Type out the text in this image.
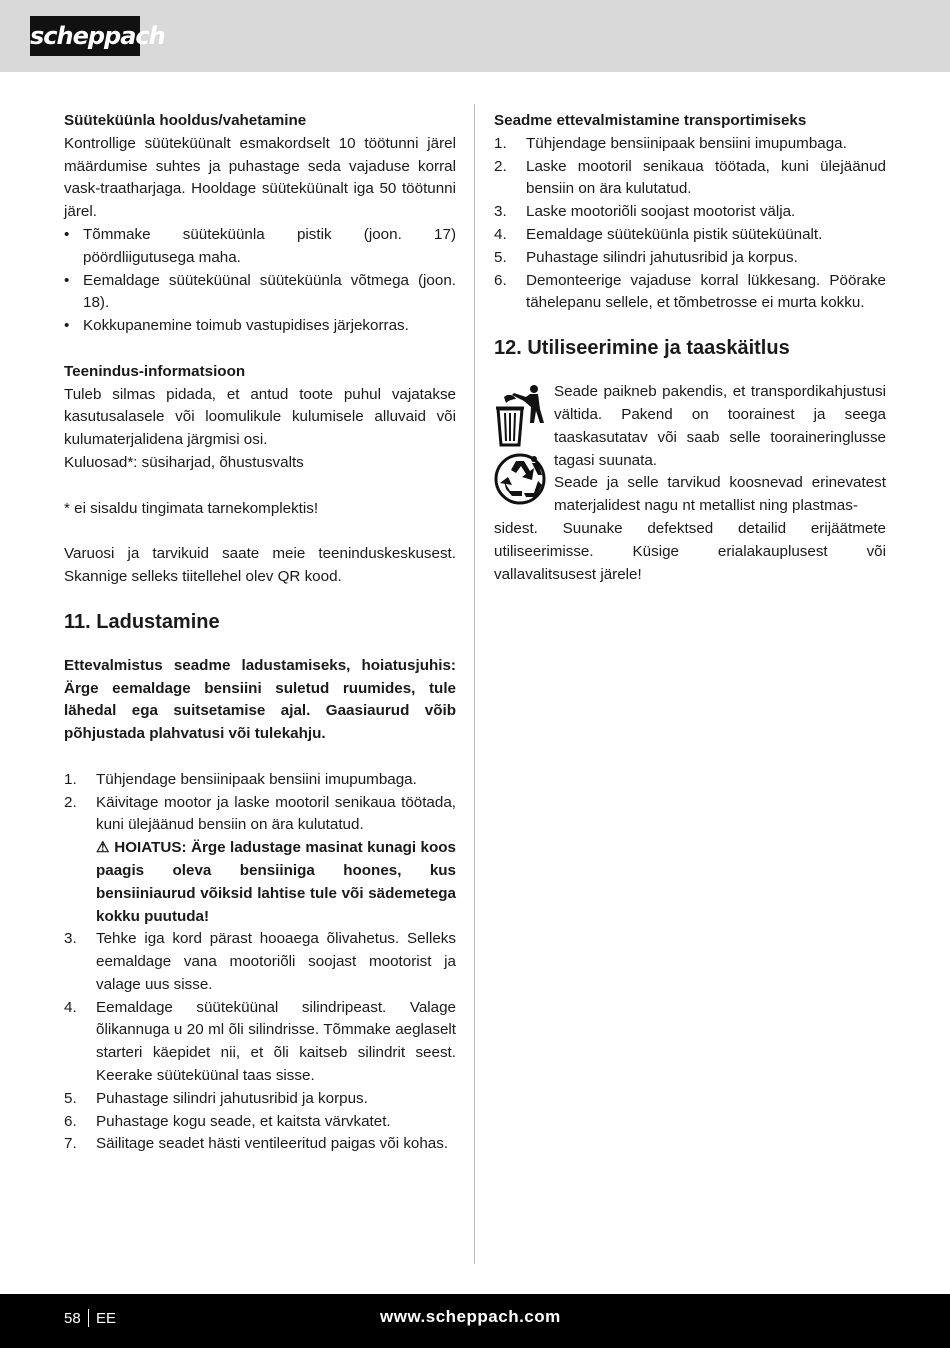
scheppach

Süüteküünla hooldus/vahetamine

Kontrollige süüteküünalt esmakordselt 10 töötunni järel määrdumise suhtes ja puhastage seda vajaduse korral vask-traatharjaga. Hooldage süüteküünalt iga 50 töötunni järel.

• Tõmmake süüteküünla pistik (joon. 17) pöördliigutusega maha.
• Eemaldage süüteküünal süüteküünla võtmega (joon. 18).
• Kokkupanemine toimub vastupidises järjekorras.

Teenindus-informatsioon

Tuleb silmas pidada, et antud toote puhul vajatakse kasutusalasele või loomulikule kulumisele alluvaid või kulumaterjalidena järgmisi osi.

Kuluosad*: süsiharjad, õhustusvalts

* ei sisaldu tingimata tarnekomplektis!

Varuosi ja tarvikuid saate meie teeninduskeskusest. Skannige selleks tiitellehel olev QR kood.

11. Ladustamine

Ettevalmistus seadme ladustamiseks, hoiatusjuhis: Ärge eemaldage bensiini suletud ruumides, tule lähedal ega suitsetamise ajal. Gaasiaurud võib põhjustada plahvatusi või tulekahju.

1. Tühjendage bensiinipaak bensiini imupumbaga.
2. Käivitage mootor ja laske mootoril senikaua töötada, kuni ülejäänud bensiin on ära kulutatud.
⚠ HOIATUS: Ärge ladustage masinat kunagi koos paagis oleva bensiiniga hoones, kus bensiiniaurud võiksid lahtise tule või sädemetega kokku puutuda!
3. Tehke iga kord pärast hooaega õlivahetus. Selleks eemaldage vana mootoriõli soojast mootorist ja valage uus sisse.
4. Eemaldage süüteküünal silindripeast. Valage õlikannuga u 20 ml õli silindrisse. Tõmmake aeglaselt starteri käepidet nii, et õli kaitseb silindrit seest. Keerake süüteküünal taas sisse.
5. Puhastage silindri jahutusribid ja korpus.
6. Puhastage kogu seade, et kaitsta värvkatet.
7. Säilitage seadet hästi ventileeritud paigas või kohas.

Seadme ettevalmistamine transportimiseks

1. Tühjendage bensiinipaak bensiini imupumbaga.
2. Laske mootoril senikaua töötada, kuni ülejäänud bensiin on ära kulutatud.
3. Laske mootoriõli soojast mootorist välja.
4. Eemaldage süüteküünla pistik süüteküünalt.
5. Puhastage silindri jahutusribid ja korpus.
6. Demonteerige vajaduse korral lükkesang. Pöörake tähelepanu sellele, et tõmbetrosse ei murta kokku.

12. Utiliseerimine ja taaskäitlus

Seade paikneb pakendis, et transpordikahjustusi vältida. Pakend on toorainest ja seega taaskasutatav või saab selle tooraineringlusse tagasi suunata.

Seade ja selle tarvikud koosnevad erinevatest materjalidest nagu nt metallist ning plastmas-

sidest. Suunake defektsed detailid erijäätmete utiliseerimisse. Küsige erialakauplusest või vallavalitsusest järele!

58 EE	www.scheppach.com
